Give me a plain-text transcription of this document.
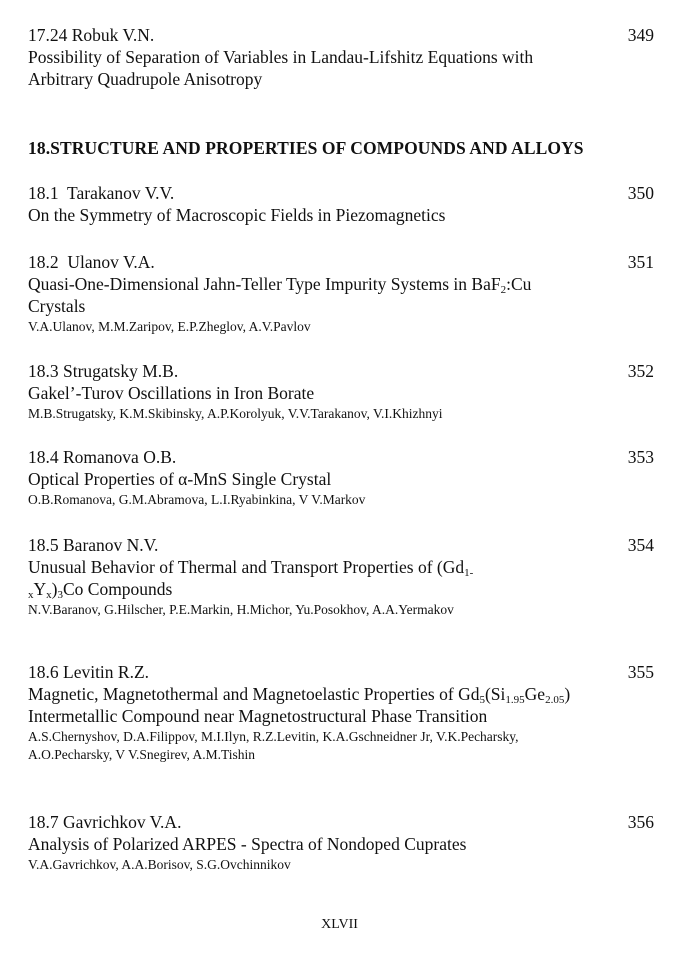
17.24 Robuk V.N.	349
Possibility of Separation of Variables in Landau-Lifshitz Equations with Arbitrary Quadrupole Anisotropy
18.STRUCTURE AND PROPERTIES OF COMPOUNDS AND ALLOYS
18.1  Tarakanov V.V.	350
On the Symmetry of Macroscopic Fields in Piezomagnetics
18.2  Ulanov V.A.	351
Quasi-One-Dimensional Jahn-Teller Type Impurity Systems in BaF$_2$:Cu Crystals
V.A.Ulanov, M.M.Zaripov, E.P.Zheglov, A.V.Pavlov
18.3 Strugatsky M.B.	352
Gakel’-Turov Oscillations in Iron Borate
M.B.Strugatsky, K.M.Skibinsky, A.P.Korolyuk, V.V.Tarakanov, V.I.Khizhnyi
18.4 Romanova O.B.	353
Optical Properties of α-MnS Single Crystal
O.B.Romanova, G.M.Abramova, L.I.Ryabinkina, V V.Markov
18.5 Baranov N.V.	354
Unusual Behavior of Thermal and Transport Properties of $(Gd_{1-x}Y_x)_3Co$ Compounds
N.V.Baranov, G.Hilscher, P.E.Markin, H.Michor, Yu.Posokhov, A.A.Yermakov
18.6 Levitin R.Z.	355
Magnetic, Magnetothermal and Magnetoelastic Properties of $Gd_5(Si_{1.95}Ge_{2.05})$ Intermetallic Compound near Magnetostructural Phase Transition
A.S.Chernyshov, D.A.Filippov, M.I.Ilyn, R.Z.Levitin, K.A.Gschneidner Jr, V.K.Pecharsky, A.O.Pecharsky, V V.Snegirev, A.M.Tishin
18.7 Gavrichkov V.A.	356
Analysis of Polarized ARPES - Spectra of Nondoped Cuprates
V.A.Gavrichkov, A.A.Borisov, S.G.Ovchinnikov
XLVII
